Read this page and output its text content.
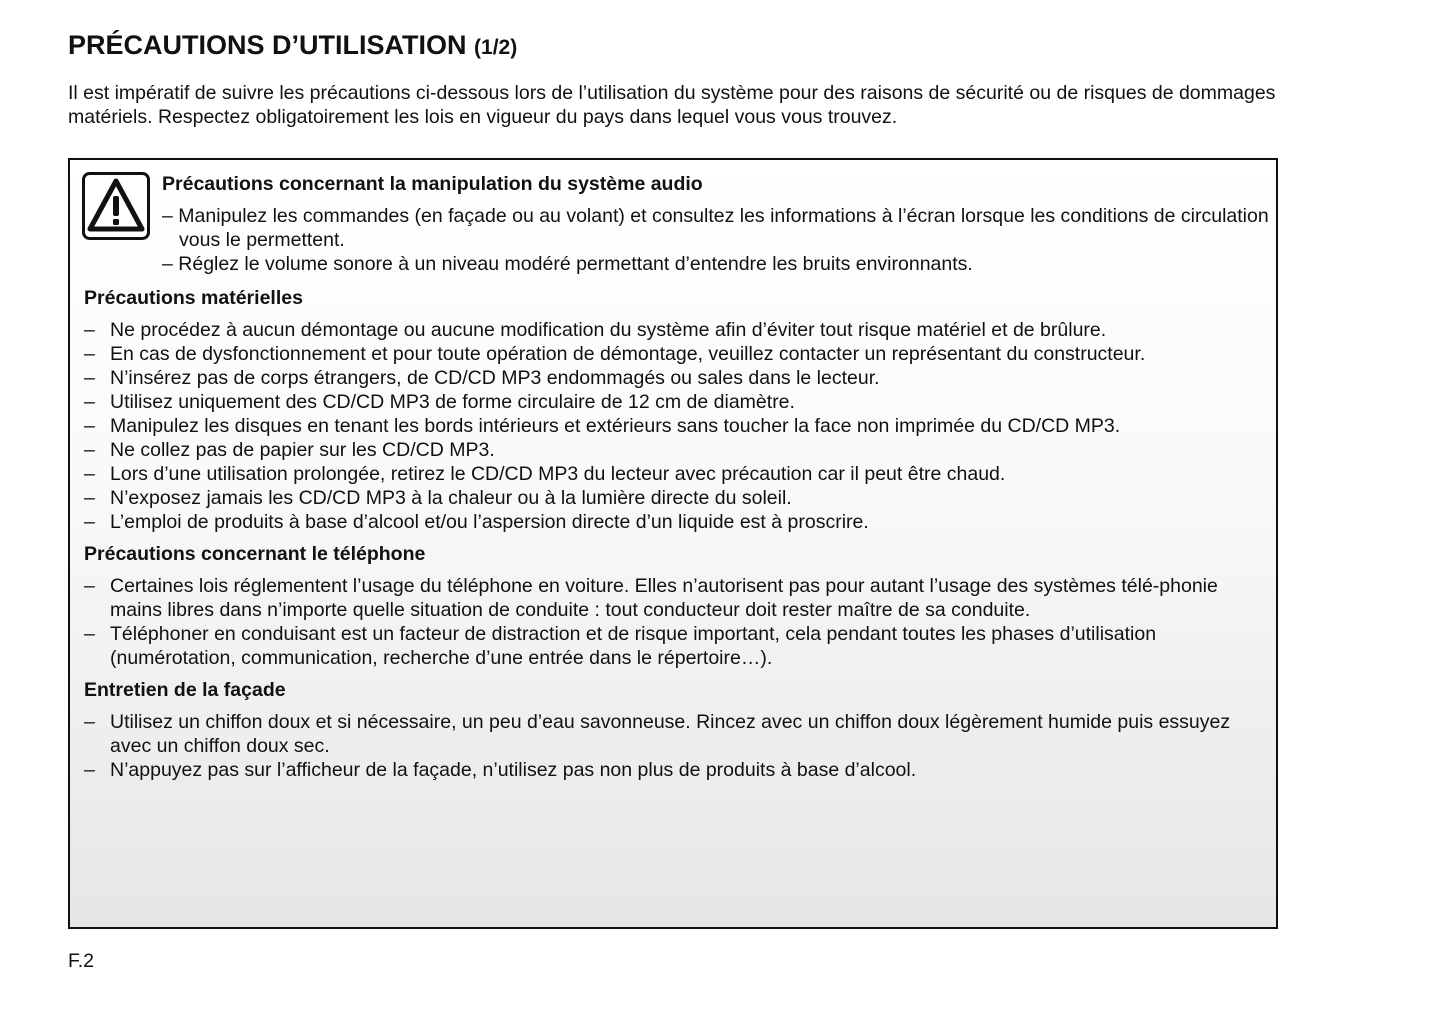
PRÉCAUTIONS D’UTILISATION (1/2)

Il est impératif de suivre les précautions ci-dessous lors de l’utilisation du système pour des raisons de sécurité ou de risques de dommages matériels. Respectez obligatoirement les lois en vigueur du pays dans lequel vous vous trouvez.

Précautions concernant la manipulation du système audio

– Manipulez les commandes (en façade ou au volant) et consultez les informations à l’écran lorsque les conditions de circulation vous le permettent.
– Réglez le volume sonore à un niveau modéré permettant d’entendre les bruits environnants.

Précautions matérielles

– Ne procédez à aucun démontage ou aucune modification du système afin d’éviter tout risque matériel et de brûlure.
– En cas de dysfonctionnement et pour toute opération de démontage, veuillez contacter un représentant du constructeur.
– N’insérez pas de corps étrangers, de CD/CD MP3 endommagés ou sales dans le lecteur.
– Utilisez uniquement des CD/CD MP3 de forme circulaire de 12 cm de diamètre.
– Manipulez les disques en tenant les bords intérieurs et extérieurs sans toucher la face non imprimée du CD/CD MP3.
– Ne collez pas de papier sur les CD/CD MP3.
– Lors d’une utilisation prolongée, retirez le CD/CD MP3 du lecteur avec précaution car il peut être chaud.
– N’exposez jamais les CD/CD MP3 à la chaleur ou à la lumière directe du soleil.
– L’emploi de produits à base d’alcool et/ou l’aspersion directe d’un liquide est à proscrire.

Précautions concernant le téléphone

– Certaines lois réglementent l’usage du téléphone en voiture. Elles n’autorisent pas pour autant l’usage des systèmes télé-phonie mains libres dans n’importe quelle situation de conduite : tout conducteur doit rester maître de sa conduite.
– Téléphoner en conduisant est un facteur de distraction et de risque important, cela pendant toutes les phases d’utilisation (numérotation, communication, recherche d’une entrée dans le répertoire…).

Entretien de la façade

– Utilisez un chiffon doux et si nécessaire, un peu d’eau savonneuse. Rincez avec un chiffon doux légèrement humide puis essuyez avec un chiffon doux sec.
– N’appuyez pas sur l’afficheur de la façade, n’utilisez pas non plus de produits à base d’alcool.
F.2
